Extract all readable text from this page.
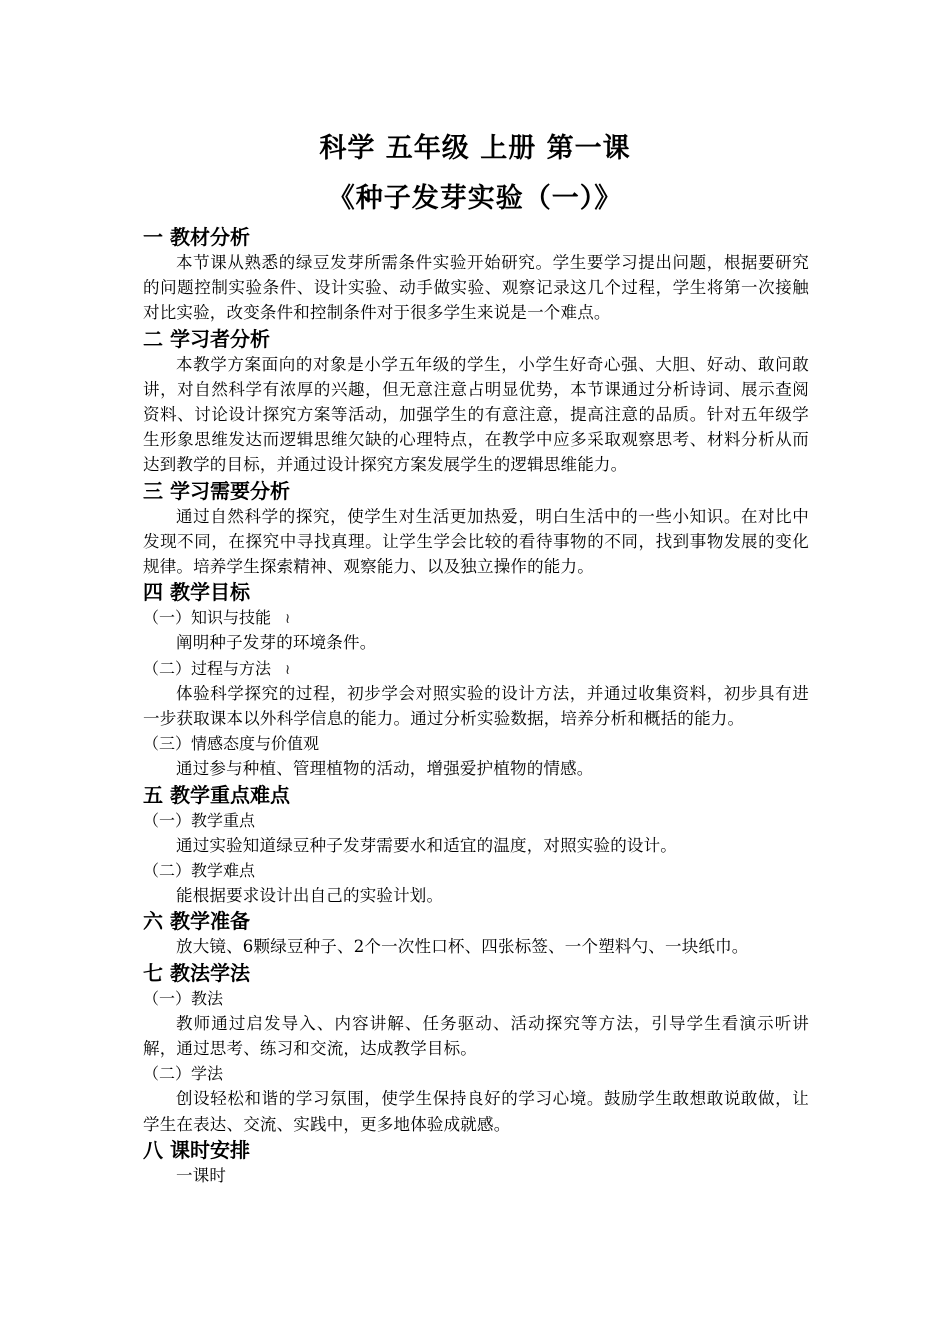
科学 五年级 上册 第一课
《种子发芽实验（一）》
一 教材分析
本节课从熟悉的绿豆发芽所需条件实验开始研究。学生要学习提出问题，根据要研究的问题控制实验条件、设计实验、动手做实验、观察记录这几个过程，学生将第一次接触对比实验，改变条件和控制条件对于很多学生来说是一个难点。
二 学习者分析
本教学方案面向的对象是小学五年级的学生，小学生好奇心强、大胆、好动、敢问敢讲，对自然科学有浓厚的兴趣，但无意注意占明显优势，本节课通过分析诗词、展示查阅资料、讨论设计探究方案等活动，加强学生的有意注意，提高注意的品质。针对五年级学生形象思维发达而逻辑思维欠缺的心理特点，在教学中应多采取观察思考、材料分析从而达到教学的目标，并通过设计探究方案发展学生的逻辑思维能力。
三 学习需要分析
通过自然科学的探究，使学生对生活更加热爱，明白生活中的一些小知识。在对比中发现不同，在探究中寻找真理。让学生学会比较的看待事物的不同，找到事物发展的变化规律。培养学生探索精神、观察能力、以及独立操作的能力。
四 教学目标
（一）知识与技能 ≀
阐明种子发芽的环境条件。
（二）过程与方法 ≀
体验科学探究的过程，初步学会对照实验的设计方法，并通过收集资料，初步具有进一步获取课本以外科学信息的能力。通过分析实验数据，培养分析和概括的能力。
（三）情感态度与价值观
通过参与种植、管理植物的活动，增强爱护植物的情感。
五 教学重点难点
（一）教学重点
通过实验知道绿豆种子发芽需要水和适宜的温度，对照实验的设计。
（二）教学难点
能根据要求设计出自己的实验计划。
六 教学准备
放大镜、6颗绿豆种子、2个一次性口杯、四张标签、一个塑料勺、一块纸巾。
七 教法学法
（一）教法
教师通过启发导入、内容讲解、任务驱动、活动探究等方法，引导学生看演示听讲解，通过思考、练习和交流，达成教学目标。
（二）学法
创设轻松和谐的学习氛围，使学生保持良好的学习心境。鼓励学生敢想敢说敢做，让学生在表达、交流、实践中，更多地体验成就感。
八 课时安排
一课时
